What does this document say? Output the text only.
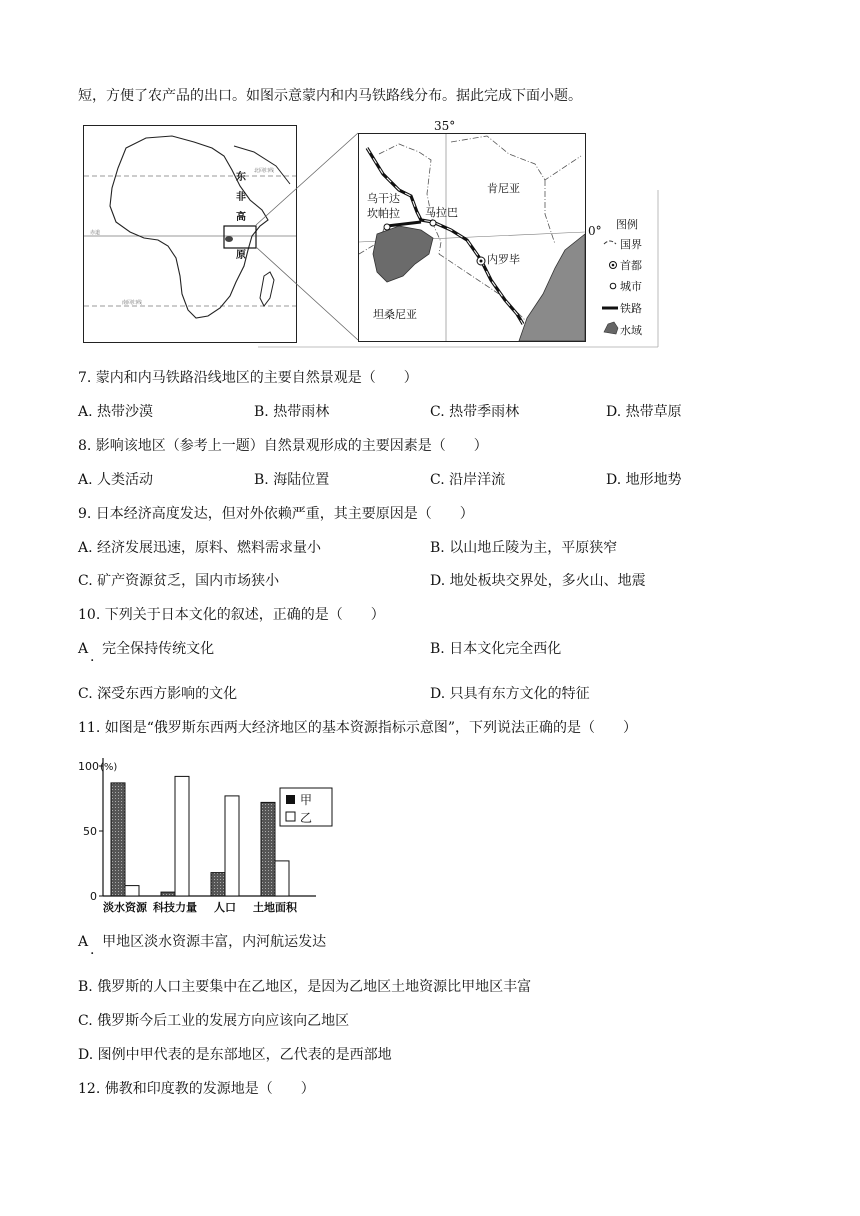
短，方便了农产品的出口。如图示意蒙内和内马铁路线分布。据此完成下面小题。
北回归线
赤道
南回归线
东
非
高
原
乌干达
坎帕拉 马拉巴
肯尼亚
内罗毕
坦桑尼亚
35°
0° 图例
国界
首都
城市
铁路
水域
7. 蒙内和内马铁路沿线地区的主要自然景观是（　　）
A. 热带沙漠	B. 热带雨林	C. 热带季雨林	D. 热带草原
8. 影响该地区（参考上一题）自然景观形成的主要因素是（　　）
A. 人类活动	B. 海陆位置	C. 沿岸洋流	D. 地形地势
9. 日本经济高度发达，但对外依赖严重，其主要原因是（　　）
A. 经济发展迅速，原料、燃料需求量小	B. 以山地丘陵为主，平原狭窄
C. 矿产资源贫乏，国内市场狭小	D. 地处板块交界处，多火山、地震
10. 下列关于日本文化的叙述，正确的是（　　）
A　完全保持传统文化
·
B. 日本文化完全西化
C. 深受东西方影响的文化	D. 只具有东方文化的特征
11. 如图是“俄罗斯东西两大经济地区的基本资源指标示意图”，下列说法正确的是（　　）
0
50
100 (%)
淡水资源 科技力量 人口 土地面积
甲
乙
A　甲地区淡水资源丰富，内河航运发达
·
B. 俄罗斯的人口主要集中在乙地区，是因为乙地区土地资源比甲地区丰富
C. 俄罗斯今后工业的发展方向应该向乙地区
D. 图例中甲代表的是东部地区，乙代表的是西部地
12. 佛教和印度教的发源地是（　　）
